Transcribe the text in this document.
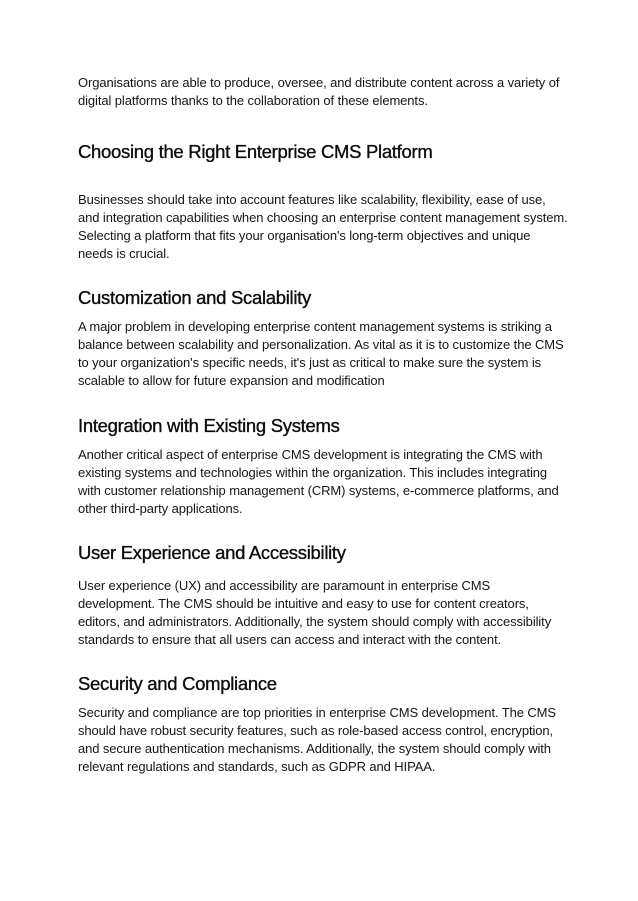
Organisations are able to produce, oversee, and distribute content across a variety of digital platforms thanks to the collaboration of these elements.

Choosing the Right Enterprise CMS Platform

Businesses should take into account features like scalability, flexibility, ease of use, and integration capabilities when choosing an enterprise content management system. Selecting a platform that fits your organisation's long-term objectives and unique needs is crucial.

Customization and Scalability

A major problem in developing enterprise content management systems is striking a balance between scalability and personalization. As vital as it is to customize the CMS to your organization's specific needs, it's just as critical to make sure the system is scalable to allow for future expansion and modification

Integration with Existing Systems

Another critical aspect of enterprise CMS development is integrating the CMS with existing systems and technologies within the organization. This includes integrating with customer relationship management (CRM) systems, e-commerce platforms, and other third-party applications.

User Experience and Accessibility

User experience (UX) and accessibility are paramount in enterprise CMS development. The CMS should be intuitive and easy to use for content creators, editors, and administrators. Additionally, the system should comply with accessibility standards to ensure that all users can access and interact with the content.

Security and Compliance

Security and compliance are top priorities in enterprise CMS development. The CMS should have robust security features, such as role-based access control, encryption, and secure authentication mechanisms. Additionally, the system should comply with relevant regulations and standards, such as GDPR and HIPAA.
